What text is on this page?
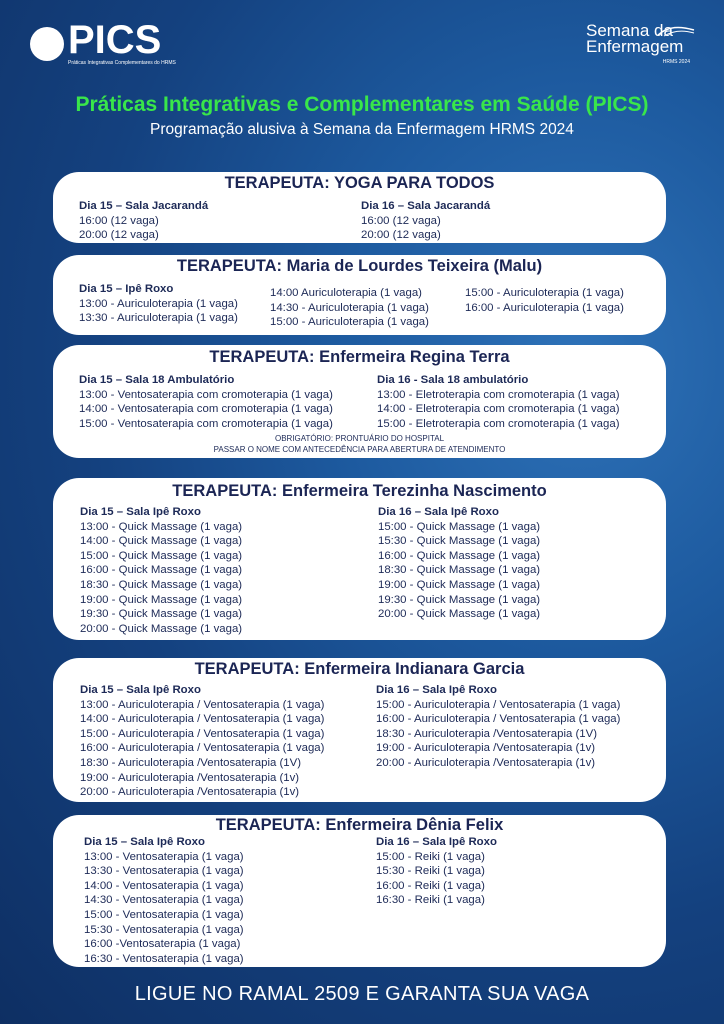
PICS
Práticas Integrativas Complementares do HRMS
Semana da
Enfermagem
HRMS 2024
Práticas Integrativas e Complementares em Saúde (PICS)
Programação alusiva à Semana da Enfermagem HRMS 2024
TERAPEUTA: YOGA PARA TODOS
Dia 15 – Sala Jacarandá
16:00 (12 vaga)
20:00 (12 vaga)
Dia 16 – Sala Jacarandá
16:00 (12 vaga)
20:00 (12 vaga)
TERAPEUTA: Maria de Lourdes Teixeira (Malu)
Dia 15 – Ipê Roxo
13:00 - Auriculoterapia (1 vaga)
13:30 - Auriculoterapia (1 vaga)
14:00 Auriculoterapia (1 vaga)
14:30 - Auriculoterapia (1 vaga)
15:00 - Auriculoterapia (1 vaga)
15:00 - Auriculoterapia (1 vaga)
16:00 - Auriculoterapia (1 vaga)
TERAPEUTA: Enfermeira Regina Terra
Dia 15 – Sala 18 Ambulatório
13:00 - Ventosaterapia com cromoterapia (1 vaga)
14:00 - Ventosaterapia com cromoterapia (1 vaga)
15:00 - Ventosaterapia com cromoterapia (1 vaga)
Dia 16 - Sala 18 ambulatório
13:00 - Eletroterapia com cromoterapia (1 vaga)
14:00 - Eletroterapia com cromoterapia (1 vaga)
15:00 - Eletroterapia com cromoterapia (1 vaga)
OBRIGATÓRIO: PRONTUÁRIO DO HOSPITAL
PASSAR O NOME COM ANTECEDÊNCIA PARA ABERTURA DE ATENDIMENTO
TERAPEUTA: Enfermeira Terezinha Nascimento
Dia 15 – Sala Ipê Roxo
13:00 - Quick Massage (1 vaga)
14:00 - Quick Massage (1 vaga)
15:00 - Quick Massage (1 vaga)
16:00 - Quick Massage (1 vaga)
18:30 - Quick Massage (1 vaga)
19:00 - Quick Massage (1 vaga)
19:30 - Quick Massage (1 vaga)
20:00 - Quick Massage (1 vaga)
Dia 16 – Sala Ipê Roxo
15:00 - Quick Massage (1 vaga)
15:30 - Quick Massage (1 vaga)
16:00 - Quick Massage (1 vaga)
18:30 - Quick Massage (1 vaga)
19:00 - Quick Massage (1 vaga)
19:30 - Quick Massage (1 vaga)
20:00 - Quick Massage (1 vaga)
TERAPEUTA: Enfermeira Indianara Garcia
Dia 15 – Sala Ipê Roxo
13:00 - Auriculoterapia / Ventosaterapia (1 vaga)
14:00 - Auriculoterapia / Ventosaterapia (1 vaga)
15:00 - Auriculoterapia / Ventosaterapia (1 vaga)
16:00 - Auriculoterapia / Ventosaterapia (1 vaga)
18:30 - Auriculoterapia /Ventosaterapia (1V)
19:00 - Auriculoterapia /Ventosaterapia (1v)
20:00 - Auriculoterapia /Ventosaterapia (1v)
Dia 16 – Sala Ipê Roxo
15:00 - Auriculoterapia / Ventosaterapia (1 vaga)
16:00 - Auriculoterapia / Ventosaterapia (1 vaga)
18:30 - Auriculoterapia /Ventosaterapia (1V)
19:00 - Auriculoterapia /Ventosaterapia (1v)
20:00 - Auriculoterapia /Ventosaterapia (1v)
TERAPEUTA: Enfermeira Dênia Felix
Dia 15 – Sala Ipê Roxo
13:00 - Ventosaterapia (1 vaga)
13:30 - Ventosaterapia (1 vaga)
14:00 - Ventosaterapia (1 vaga)
14:30 - Ventosaterapia (1 vaga)
15:00 - Ventosaterapia (1 vaga)
15:30 - Ventosaterapia (1 vaga)
16:00 -Ventosaterapia (1 vaga)
16:30 - Ventosaterapia (1 vaga)
Dia 16 – Sala Ipê Roxo
15:00 - Reiki (1 vaga)
15:30 - Reiki (1 vaga)
16:00 - Reiki (1 vaga)
16:30 - Reiki (1 vaga)
LIGUE NO RAMAL 2509 E GARANTA SUA VAGA
